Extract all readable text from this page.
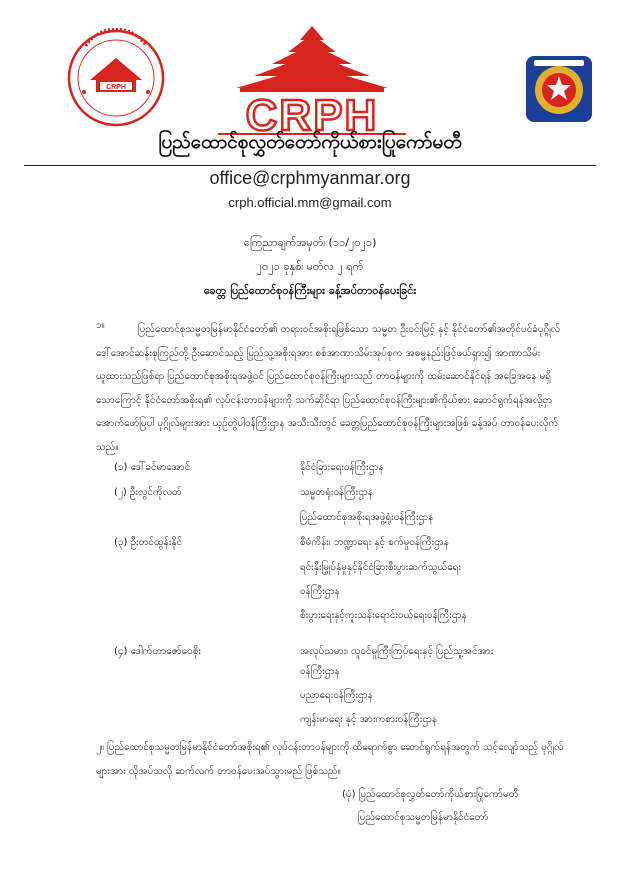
CRPH
CRPH
ပြည်ထောင်စုလွှတ်တော်ကိုယ်စားပြုကော်မတီ
office@crphmyanmar.org
crph.official.mm@gmail.com
ကြေညာချက်အမှတ်၊ (၁၁/၂၀၂၁)
၂၀၂၁ ခုနှစ်၊ မတ်လ ၂ ရက်
ခေတ္တ ပြည်ထောင်စုဝန်ကြီးများ ခန့်အပ်တာဝန်ပေးခြင်း
၁။	ပြည်ထောင်စုသမ္မတမြန်မာနိုင်ငံတော်၏ တရားဝင်အစိုးရဖြစ်သော သမ္မတ ဦးဝင်းမြင့် နှင့် နိုင်ငံတော်၏အတိုင်ပင်ခံပုဂ္ဂိုလ် ဒေါ်အောင်ဆန်းစုကြည်တို့ ဦးဆောင်သည့် ပြည်သူ့အစိုးရအား စစ်အာဏာသိမ်းအုပ်စုက အဓမ္မနည်းဖြင့်ဖယ်ရှား၍ အာဏာသိမ်းယူထားသည်ဖြစ်ရာ ပြည်ထောင်စုအစိုးရအဖွဲ့ဝင် ပြည်ထောင်စုဝန်ကြီးများသည် တာဝန်များကို ထမ်းဆောင်နိုင်ရန် အခြေအနေ မရှိသောကြောင့် နိုင်ငံတော်အစိုးရ၏ လုပ်ငန်းတာဝန်များကို သက်ဆိုင်ရာ ပြည်ထောင်စုဝန်ကြီးများ၏ကိုယ်စား ဆောင်ရွက်ရန်အလို့ငှာ အောက်ဖော်ပြပါ ပုဂ္ဂိုလ်များအား ယှဉ်တွဲပါဝန်ကြီးဌာန အသီးသီးတွင် ခေတ္တပြည်ထောင်စုဝန်ကြီးများအဖြစ် ခန့်အပ် တာဝန်ပေးလိုက်သည်။
(၁) ဒေါ်ခင်မာအောင်	နိုင်ငံခြားရေးဝန်ကြီးဌာန
(၂) ဦးလွင်ကိုလတ်	သမ္မတရုံးဝန်ကြီးဌာန
ပြည်ထောင်စုအစိုးရအဖွဲ့ရုံးဝန်ကြီးဌာန
(၃) ဦးတင်ထွန်းနိုင်	စီမံကိန်း၊ ဘဏ္ဍာရေး နှင့် စက်မှုဝန်ကြီးဌာန
ရင်းနှီးမြှုပ်နှံမှုနှင့်နိုင်ငံခြားစီးပွားဆက်သွယ်ရေး
ဝန်ကြီးဌာန
စီးပွားရေးနှင့်ကူးသန်းရောင်းဝယ်ရေးဝန်ကြီးဌာန
(၄) ဒေါက်တာဇော်ဝေစိုး	အလုပ်သမား၊ လူဝင်မှုကြီးကြပ်ရေးနှင့် ပြည်သူ့အင်အား
ဝန်ကြီးဌာန
ပညာရေးဝန်ကြီးဌာန
ကျန်းမာရေး နှင့် အားကစားဝန်ကြီးဌာန
၂။ ပြည်ထောင်စုသမ္မတမြန်မာနိုင်ငံတော်အစိုးရ၏ လုပ်ငန်းတာဝန်များကို ထိရောက်စွာ ဆောင်ရွက်ရန်အတွက် သင့်လျော်သည့် ပုဂ္ဂိုလ်များအား လိုအပ်သလို ဆက်လက် တာဝန်ပေးအပ်သွားမည် ဖြစ်သည်။
(ပုံ) ပြည်ထောင်စုလွှတ်တော်ကိုယ်စားပြုကော်မတီ
ပြည်ထောင်စုသမ္မတမြန်မာနိုင်ငံတော်
